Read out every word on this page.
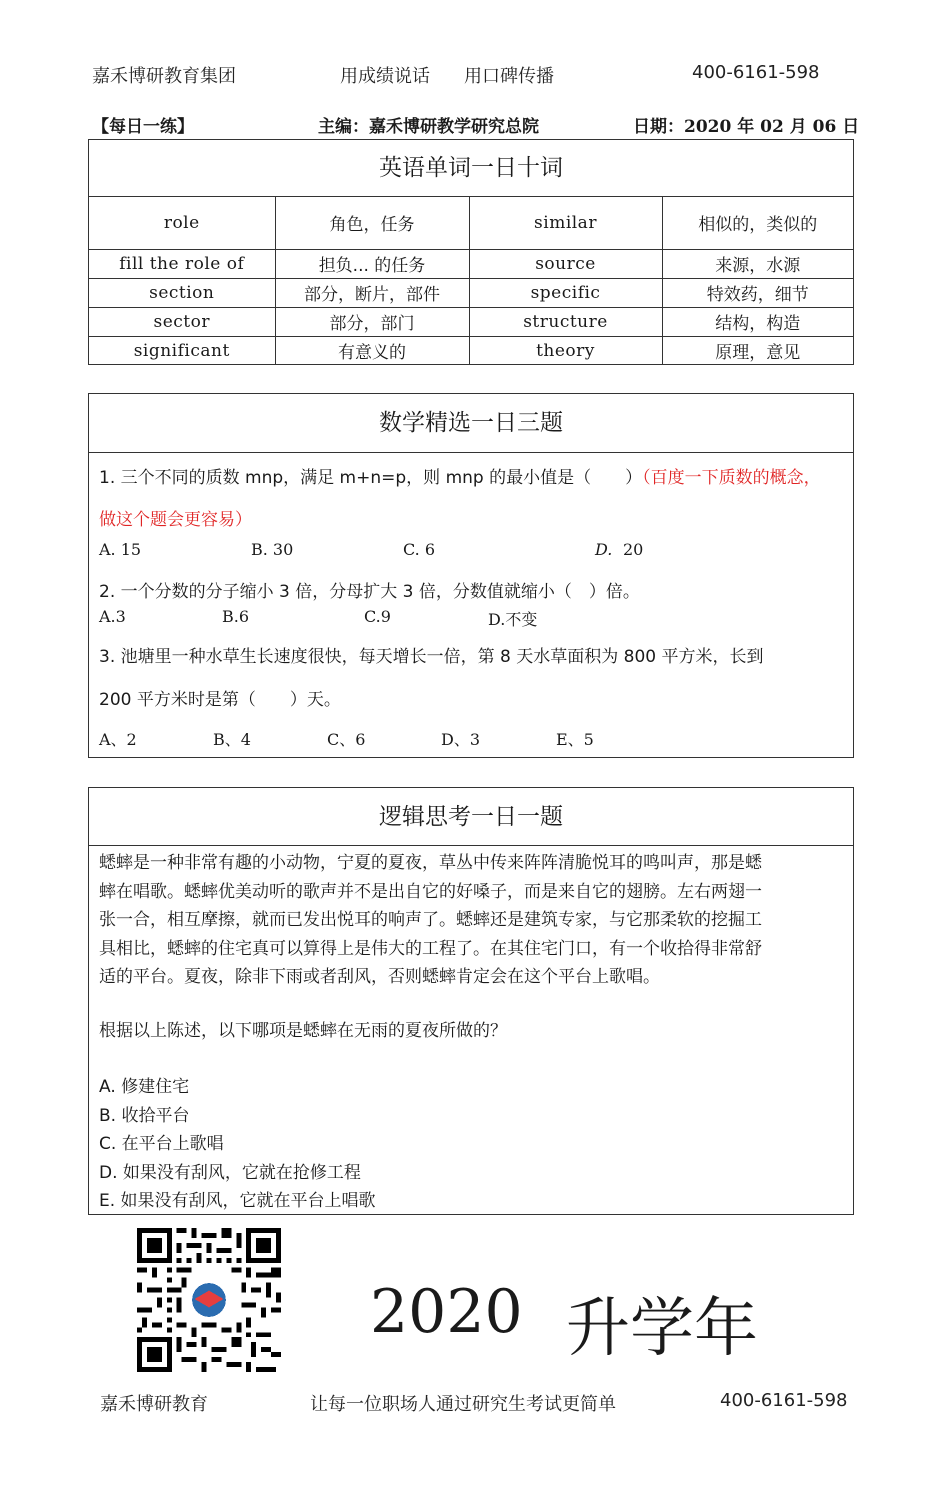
嘉禾博研教育集团	用成绩说话 用口碑传播	400-6161-598
【每日一练】	主编：嘉禾博研教学研究总院	日期：2020 年 02 月 06 日
英语单词一日十词
role	角色，任务	similar	相似的，类似的
fill the role of	担负... 的任务	source	来源，水源
section	部分，断片，部件	specific	特效药，细节
sector	部分，部门	structure	结构，构造
significant	有意义的	theory	原理，意见
数学精选一日三题
1. 三个不同的质数 mnp，满足 m+n=p，则 mnp 的最小值是（　　）（百度一下质数的概念，
做这个题会更容易）
A. 15	B. 30	C. 6	D. 20
2. 一个分数的分子缩小 3 倍，分母扩大 3 倍，分数值就缩小（　）倍。
A.3	B.6	C.9	D.不变
3. 池塘里一种水草生长速度很快，每天增长一倍，第 8 天水草面积为 800 平方米，长到
200 平方米时是第（　　）天。
A、2	B、4	C、6	D、3	E、5
逻辑思考一日一题
蟋蟀是一种非常有趣的小动物，宁夏的夏夜，草丛中传来阵阵清脆悦耳的鸣叫声，那是蟋
蟀在唱歌。蟋蟀优美动听的歌声并不是出自它的好嗓子，而是来自它的翅膀。左右两翅一
张一合，相互摩擦，就而已发出悦耳的响声了。蟋蟀还是建筑专家，与它那柔软的挖掘工
具相比，蟋蟀的住宅真可以算得上是伟大的工程了。在其住宅门口，有一个收拾得非常舒
适的平台。夏夜，除非下雨或者刮风，否则蟋蟀肯定会在这个平台上歌唱。
根据以上陈述，以下哪项是蟋蟀在无雨的夏夜所做的？
A. 修建住宅
B. 收拾平台
C. 在平台上歌唱
D. 如果没有刮风，它就在抢修工程
E. 如果没有刮风，它就在平台上唱歌
2020 升学年
嘉禾博研教育	让每一位职场人通过研究生考试更简单	400-6161-598
